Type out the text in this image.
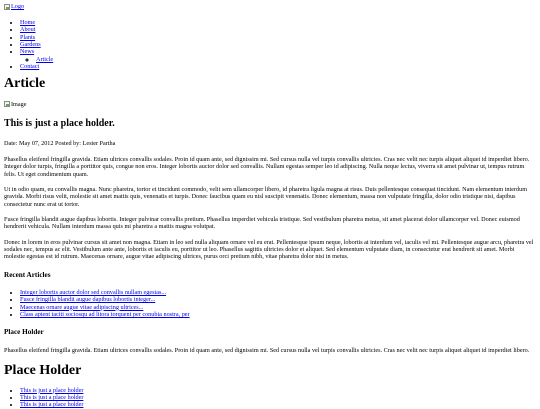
Logo
• Home
• About
• Plants
• Gardens
• News
◦ Article
• Contact
Article
Image
This is just a place holder.

Date: May 07, 2012 Posted by: Lester Partha

Phasellus eleifend fringilla gravida. Etiam ultrices convallis sodales. Proin id quam ante, sed dignissim mi. Sed cursus nulla vel turpis convallis ultricies. Cras nec velit nec turpis aliquet aliquet id imperdiet libero. Integer dolor turpis, fringilla a porttitor quis, congue non eros. Integer lobortis auctor dolor sed convallis. Nullam egestas semper leo id adipiscing. Nulla neque lectus, viverra sit amet pulvinar ut, tempus rutrum felis. Ut eget condimentum quam.

Ut in odio quam, eu convallis magna. Nunc pharetra, tortor et tincidunt commodo, velit sem ullamcorper libero, id pharetra ligula magna at risus. Duis pellentesque consequat tincidunt. Nam elementum interdum gravida. Morbi risus velit, molestie sit amet mattis quis, venenatis et turpis. Donec faucibus quam eu nisl suscipit venenatis. Donec elementum, massa non vulputate fringilla, dolor odio tristique nisi, dapibus consectetur nunc erat ut tortor.

Fusce fringilla blandit augue dapibus lobortis. Integer pulvinar convallis pretium. Phasellus imperdiet vehicula tristique. Sed vestibulum pharetra metus, sit amet placerat dolor ullamcorper vel. Donec euismod hendrerit vehicula. Nullam interdum massa quis mi pharetra a mattis magna volutpat.

Donec in lorem in eros pulvinar cursus sit amet non magna. Etiam in leo sed nulla aliquam ornare vel eu erat. Pellentesque ipsum neque, lobortis at interdum vel, iaculis vel mi. Pellentesque augue arcu, pharetra vel sodales nec, tempus ac elit. Vestibulum ante ante, lobortis et iaculis eu, porttitor ut leo. Phasellus sagittis ultricies dolor et aliquet. Sed elementum vulputate diam, in consectetur erat hendrerit sit amet. Morbi molestie egestas est id rutrum. Maecenas ornare, augue vitae adipiscing ultrices, purus orci pretium nibh, vitae pharetra dolor nisi in metus.

Recent Articles
• Integer lobortis auctor dolor sed convallis nullam egestas...
• Fusce fringilla blandit augue dapibus lobortis integer...
• Maecenas ornare augue vitae adipiscing ultrices...
• Class aptent taciti sociosqu ad litora torquent per conubia nostra, per
Place Holder

Phasellus eleifend fringilla gravida. Etiam ultrices convallis sodales. Proin id quam ante, sed dignissim mi. Sed cursus nulla vel turpis convallis ultricies. Cras nec velit nec turpis aliquet aliquet id imperdiet libero.

Place Holder
• This is just a place holder
• This is just a place holder
• This is just a place holder
